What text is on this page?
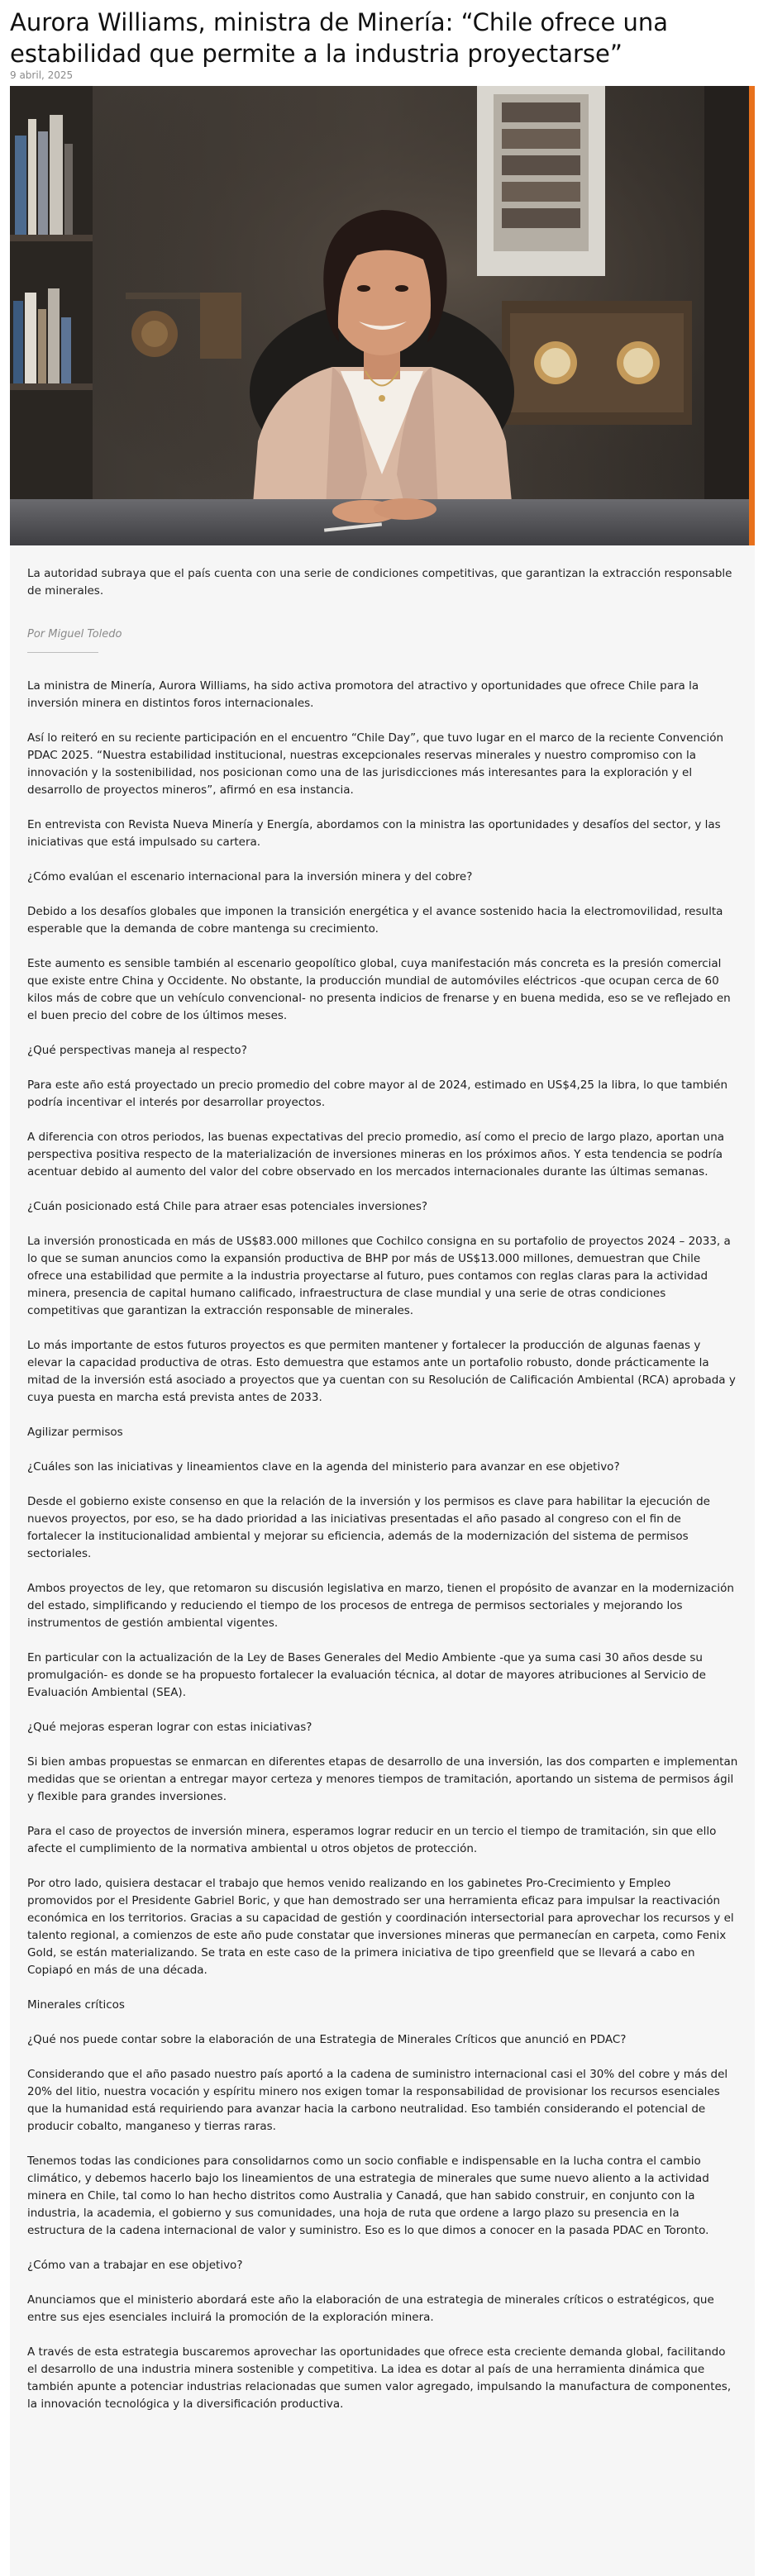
Aurora Williams, ministra de Minería: “Chile ofrece una estabilidad que permite a la industria proyectarse”
9 abril, 2025

La autoridad subraya que el país cuenta con una serie de condiciones competitivas, que garantizan la extracción responsable de minerales.

Por Miguel Toledo

La ministra de Minería, Aurora Williams, ha sido activa promotora del atractivo y oportunidades que ofrece Chile para la inversión minera en distintos foros internacionales.

Así lo reiteró en su reciente participación en el encuentro “Chile Day”, que tuvo lugar en el marco de la reciente Convención PDAC 2025. “Nuestra estabilidad institucional, nuestras excepcionales reservas minerales y nuestro compromiso con la innovación y la sostenibilidad, nos posicionan como una de las jurisdicciones más interesantes para la exploración y el desarrollo de proyectos mineros”, afirmó en esa instancia.

En entrevista con Revista Nueva Minería y Energía, abordamos con la ministra las oportunidades y desafíos del sector, y las iniciativas que está impulsado su cartera.

¿Cómo evalúan el escenario internacional para la inversión minera y del cobre?

Debido a los desafíos globales que imponen la transición energética y el avance sostenido hacia la electromovilidad, resulta esperable que la demanda de cobre mantenga su crecimiento.

Este aumento es sensible también al escenario geopolítico global, cuya manifestación más concreta es la presión comercial que existe entre China y Occidente. No obstante, la producción mundial de automóviles eléctricos -que ocupan cerca de 60 kilos más de cobre que un vehículo convencional- no presenta indicios de frenarse y en buena medida, eso se ve reflejado en el buen precio del cobre de los últimos meses.

¿Qué perspectivas maneja al respecto?

Para este año está proyectado un precio promedio del cobre mayor al de 2024, estimado en US$4,25 la libra, lo que también podría incentivar el interés por desarrollar proyectos.

A diferencia con otros periodos, las buenas expectativas del precio promedio, así como el precio de largo plazo, aportan una perspectiva positiva respecto de la materialización de inversiones mineras en los próximos años. Y esta tendencia se podría acentuar debido al aumento del valor del cobre observado en los mercados internacionales durante las últimas semanas.

¿Cuán posicionado está Chile para atraer esas potenciales inversiones?

La inversión pronosticada en más de US$83.000 millones que Cochilco consigna en su portafolio de proyectos 2024 – 2033, a lo que se suman anuncios como la expansión productiva de BHP por más de US$13.000 millones, demuestran que Chile ofrece una estabilidad que permite a la industria proyectarse al futuro, pues contamos con reglas claras para la actividad minera, presencia de capital humano calificado, infraestructura de clase mundial y una serie de otras condiciones competitivas que garantizan la extracción responsable de minerales.

Lo más importante de estos futuros proyectos es que permiten mantener y fortalecer la producción de algunas faenas y elevar la capacidad productiva de otras. Esto demuestra que estamos ante un portafolio robusto, donde prácticamente la mitad de la inversión está asociado a proyectos que ya cuentan con su Resolución de Calificación Ambiental (RCA) aprobada y cuya puesta en marcha está prevista antes de 2033.

Agilizar permisos

¿Cuáles son las iniciativas y lineamientos clave en la agenda del ministerio para avanzar en ese objetivo?

Desde el gobierno existe consenso en que la relación de la inversión y los permisos es clave para habilitar la ejecución de nuevos proyectos, por eso, se ha dado prioridad a las iniciativas presentadas el año pasado al congreso con el fin de fortalecer la institucionalidad ambiental y mejorar su eficiencia, además de la modernización del sistema de permisos sectoriales.

Ambos proyectos de ley, que retomaron su discusión legislativa en marzo, tienen el propósito de avanzar en la modernización del estado, simplificando y reduciendo el tiempo de los procesos de entrega de permisos sectoriales y mejorando los instrumentos de gestión ambiental vigentes.

En particular con la actualización de la Ley de Bases Generales del Medio Ambiente -que ya suma casi 30 años desde su promulgación- es donde se ha propuesto fortalecer la evaluación técnica, al dotar de mayores atribuciones al Servicio de Evaluación Ambiental (SEA).

¿Qué mejoras esperan lograr con estas iniciativas?

Si bien ambas propuestas se enmarcan en diferentes etapas de desarrollo de una inversión, las dos comparten e implementan medidas que se orientan a entregar mayor certeza y menores tiempos de tramitación, aportando un sistema de permisos ágil y flexible para grandes inversiones.

Para el caso de proyectos de inversión minera, esperamos lograr reducir en un tercio el tiempo de tramitación, sin que ello afecte el cumplimiento de la normativa ambiental u otros objetos de protección.

Por otro lado, quisiera destacar el trabajo que hemos venido realizando en los gabinetes Pro-Crecimiento y Empleo promovidos por el Presidente Gabriel Boric, y que han demostrado ser una herramienta eficaz para impulsar la reactivación económica en los territorios. Gracias a su capacidad de gestión y coordinación intersectorial para aprovechar los recursos y el talento regional, a comienzos de este año pude constatar que inversiones mineras que permanecían en carpeta, como Fenix Gold, se están materializando. Se trata en este caso de la primera iniciativa de tipo greenfield que se llevará a cabo en Copiapó en más de una década.

Minerales críticos

¿Qué nos puede contar sobre la elaboración de una Estrategia de Minerales Críticos que anunció en PDAC?

Considerando que el año pasado nuestro país aportó a la cadena de suministro internacional casi el 30% del cobre y más del 20% del litio, nuestra vocación y espíritu minero nos exigen tomar la responsabilidad de provisionar los recursos esenciales que la humanidad está requiriendo para avanzar hacia la carbono neutralidad. Eso también considerando el potencial de producir cobalto, manganeso y tierras raras.

Tenemos todas las condiciones para consolidarnos como un socio confiable e indispensable en la lucha contra el cambio climático, y debemos hacerlo bajo los lineamientos de una estrategia de minerales que sume nuevo aliento a la actividad minera en Chile, tal como lo han hecho distritos como Australia y Canadá, que han sabido construir, en conjunto con la industria, la academia, el gobierno y sus comunidades, una hoja de ruta que ordene a largo plazo su presencia en la estructura de la cadena internacional de valor y suministro. Eso es lo que dimos a conocer en la pasada PDAC en Toronto.

¿Cómo van a trabajar en ese objetivo?

Anunciamos que el ministerio abordará este año la elaboración de una estrategia de minerales críticos o estratégicos, que entre sus ejes esenciales incluirá la promoción de la exploración minera.

A través de esta estrategia buscaremos aprovechar las oportunidades que ofrece esta creciente demanda global, facilitando el desarrollo de una industria minera sostenible y competitiva. La idea es dotar al país de una herramienta dinámica que también apunte a potenciar industrias relacionadas que sumen valor agregado, impulsando la manufactura de componentes, la innovación tecnológica y la diversificación productiva.
